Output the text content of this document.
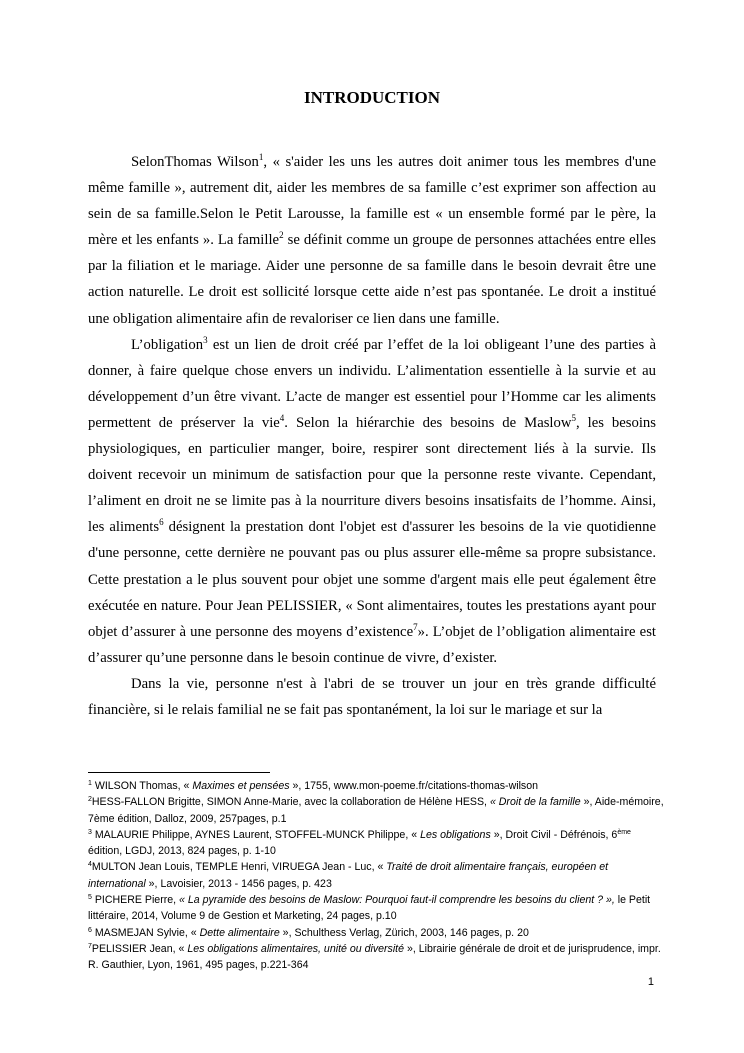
INTRODUCTION

SelonThomas Wilson$^1$, « s'aider les uns les autres doit animer tous les membres d'une même famille », autrement dit, aider les membres de sa famille c’est exprimer son affection au sein de sa famille.Selon le Petit Larousse, la famille est « un ensemble formé par le père, la mère et les enfants ». La famille$^2$ se définit comme un groupe de personnes attachées entre elles par la filiation et le mariage. Aider une personne de sa famille dans le besoin devrait être une action naturelle. Le droit est sollicité lorsque cette aide n’est pas spontanée. Le droit a institué une obligation alimentaire afin de revaloriser ce lien dans une famille.

L’obligation$^3$ est un lien de droit créé par l’effet de la loi obligeant l’une des parties à donner, à faire quelque chose envers un individu. L’alimentation essentielle à la survie et au développement d’un être vivant. L’acte de manger est essentiel pour l’Homme car les aliments permettent de préserver la vie$^4$. Selon la hiérarchie des besoins de Maslow$^5$, les besoins physiologiques, en particulier manger, boire, respirer sont directement liés à la survie. Ils doivent recevoir un minimum de satisfaction pour que la personne reste vivante. Cependant, l’aliment en droit ne se limite pas à la nourriture divers besoins insatisfaits de l’homme. Ainsi, les aliments$^6$ désignent la prestation dont l'objet est d'assurer les besoins de la vie quotidienne d'une personne, cette dernière ne pouvant pas ou plus assurer elle-même sa propre subsistance. Cette prestation a le plus souvent pour objet une somme d'argent mais elle peut également être exécutée en nature. Pour Jean PELISSIER, « Sont alimentaires, toutes les prestations ayant pour objet d’assurer à une personne des moyens d’existence$^7$». L’objet de l’obligation alimentaire est d’assurer qu’une personne dans le besoin continue de vivre, d’exister.

Dans la vie, personne n'est à l'abri de se trouver un jour en très grande difficulté financière, si le relais familial ne se fait pas spontanément, la loi sur le mariage et sur la

$^1$ WILSON Thomas, « Maximes et pensées », 1755, www.mon-poeme.fr/citations-thomas-wilson

$^2$HESS-FALLON Brigitte, SIMON Anne-Marie, avec la collaboration de Hélène HESS, « Droit de la famille », Aide-mémoire, 7ème édition, Dalloz, 2009, 257pages, p.1

$^3$ MALAURIE Philippe, AYNES Laurent, STOFFEL-MUNCK Philippe, « Les obligations », Droit Civil - Défrénois, 6ème édition, LGDJ, 2013, 824 pages, p. 1-10

$^4$MULTON Jean Louis, TEMPLE Henri, VIRUEGA Jean - Luc, « Traité de droit alimentaire français, européen et international », Lavoisier, 2013 - 1456 pages, p. 423

$^5$ PICHERE Pierre, « La pyramide des besoins de Maslow: Pourquoi faut-il comprendre les besoins du client ? », le Petit littéraire, 2014, Volume 9 de Gestion et Marketing, 24 pages, p.10

$^6$ MASMEJAN Sylvie, « Dette alimentaire », Schulthess Verlag, Zürich, 2003, 146 pages, p. 20

$^7$PELISSIER Jean, « Les obligations alimentaires, unité ou diversité », Librairie générale de droit et de jurisprudence, impr. R. Gauthier, Lyon, 1961, 495 pages, p.221-364

1
